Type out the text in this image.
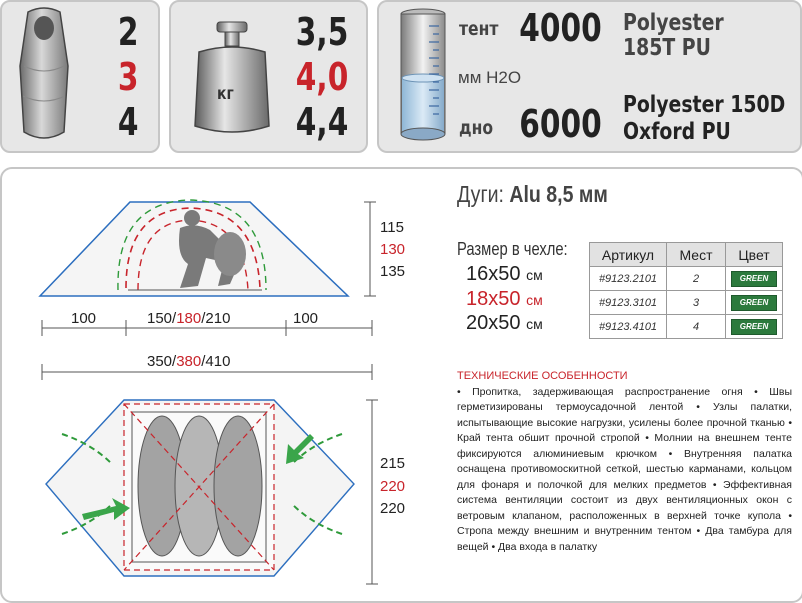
2
3
4
кг
3,5
4,0
4,4
тент 4000 Polyester
185T PU
мм H2O
дно 6000 Polyester 150D
Oxford PU
115
130
135
100	150/180/210	100
350/380/410
215
220
220
Дуги: Alu 8,5 мм
Размер в чехле:
16x50 см
18x50 см
20x50 см
Артикул	Мест	Цвет
#9123.2101	2	GREEN
#9123.3101	3	GREEN
#9123.4101	4	GREEN
ТЕХНИЧЕСКИЕ ОСОБЕННОСТИ
• Пропитка, задерживающая распространение огня • Швы герметизированы термоусадочной лентой • Узлы палатки, испытывающие высокие нагрузки, усилены более прочной тканью • Край тента обшит прочной стропой • Молнии на внешнем тенте фиксируются алюминиевым крючком • Внутренняя палатка оснащена противомоскитной сеткой, шестью карманами, кольцом для фонаря и полочкой для мелких предметов • Эффективная система вентиляции состоит из двух вентиляционных окон с ветровым клапаном, расположенных в верхней точке купола • Стропа между внешним и внутренним тентом • Два тамбура для вещей • Два входа в палатку
